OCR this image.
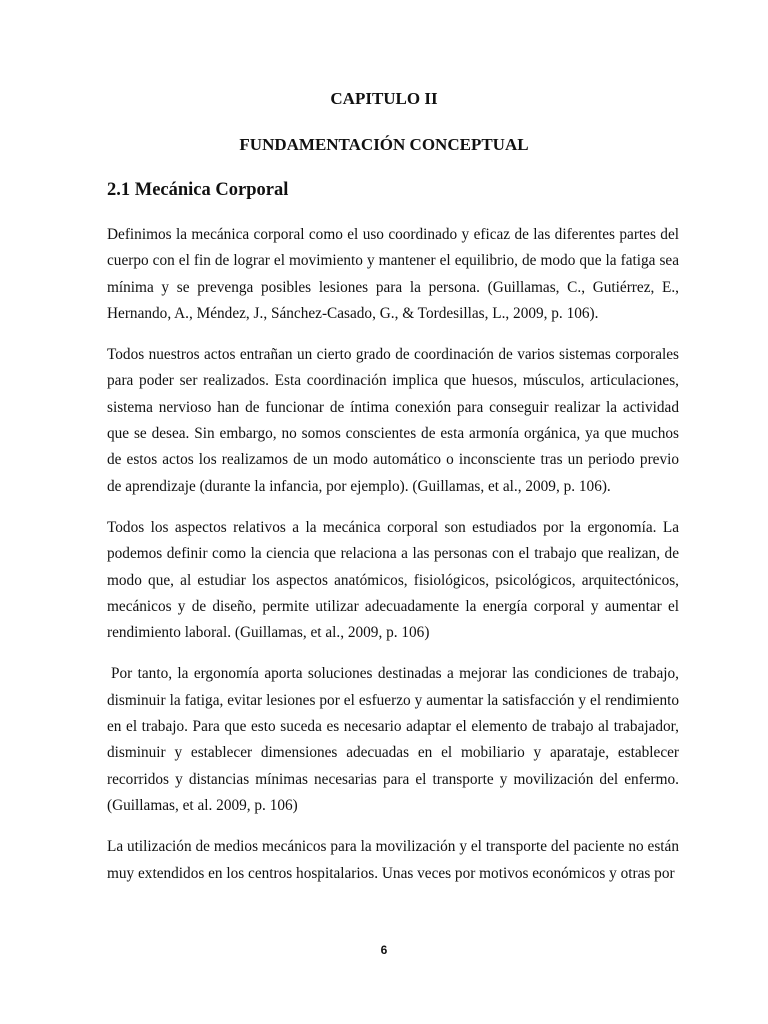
CAPITULO II
FUNDAMENTACIÓN CONCEPTUAL
2.1 Mecánica Corporal

Definimos la mecánica corporal como el uso coordinado y eficaz de las diferentes partes del cuerpo con el fin de lograr el movimiento y mantener el equilibrio, de modo que la fatiga sea mínima y se prevenga posibles lesiones para la persona. (Guillamas, C., Gutiérrez, E., Hernando, A., Méndez, J., Sánchez-Casado, G., & Tordesillas, L., 2009, p. 106).

Todos nuestros actos entrañan un cierto grado de coordinación de varios sistemas corporales para poder ser realizados. Esta coordinación implica que huesos, músculos, articulaciones, sistema nervioso han de funcionar de íntima conexión para conseguir realizar la actividad que se desea. Sin embargo, no somos conscientes de esta armonía orgánica, ya que muchos de estos actos los realizamos de un modo automático o inconsciente tras un periodo previo de aprendizaje (durante la infancia, por ejemplo). (Guillamas, et al., 2009, p. 106).

Todos los aspectos relativos a la mecánica corporal son estudiados por la ergonomía. La podemos definir como la ciencia que relaciona a las personas con el trabajo que realizan, de modo que, al estudiar los aspectos anatómicos, fisiológicos, psicológicos, arquitectónicos, mecánicos y de diseño, permite utilizar adecuadamente la energía corporal y aumentar el rendimiento laboral. (Guillamas, et al., 2009, p. 106)

Por tanto, la ergonomía aporta soluciones destinadas a mejorar las condiciones de trabajo, disminuir la fatiga, evitar lesiones por el esfuerzo y aumentar la satisfacción y el rendimiento en el trabajo. Para que esto suceda es necesario adaptar el elemento de trabajo al trabajador, disminuir y establecer dimensiones adecuadas en el mobiliario y aparataje, establecer recorridos y distancias mínimas necesarias para el transporte y movilización del enfermo. (Guillamas, et al. 2009, p. 106)

La utilización de medios mecánicos para la movilización y el transporte del paciente no están muy extendidos en los centros hospitalarios. Unas veces por motivos económicos y otras por

6
